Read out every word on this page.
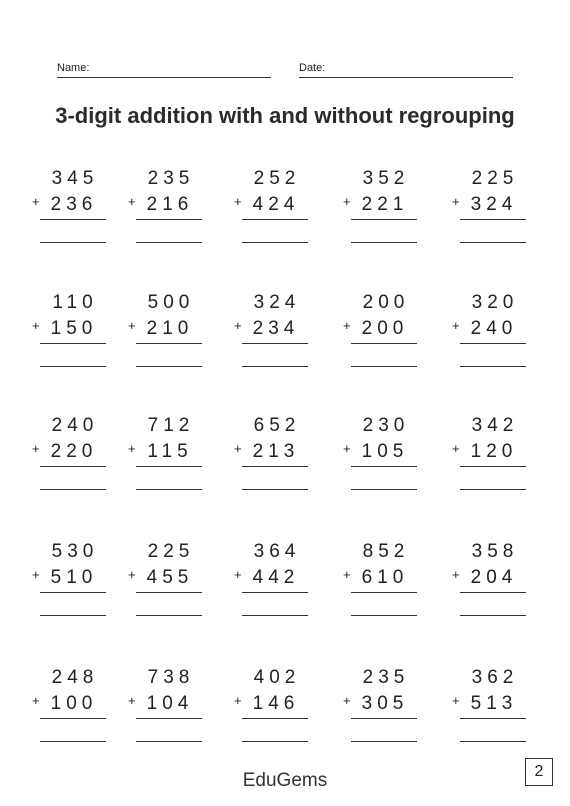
Name:	Date:
3-digit addition with and without regrouping
345
+ 236
235
+ 216
252
+ 424
352
+ 221
225
+ 324
110
+ 150
500
+ 210
324
+ 234
200
+ 200
320
+ 240
240
+ 220
712
+ 115
652
+ 213
230
+ 105
342
+ 120
530
+ 510
225
+ 455
364
+ 442
852
+ 610
358
+ 204
248
+ 100
738
+ 104
402
+ 146
235
+ 305
362
+ 513
EduGems	2
